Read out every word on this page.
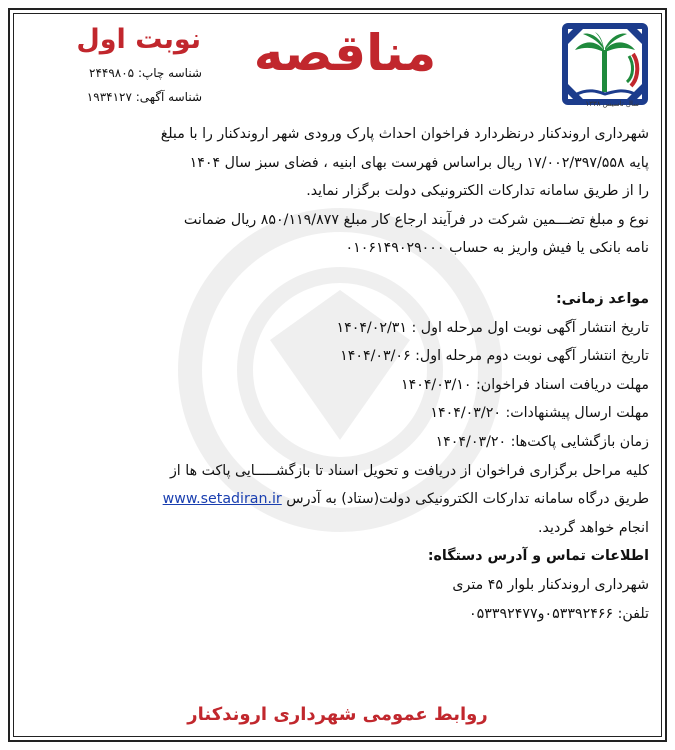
سال تاسیس ۱۳۳۸
مناقصه
نوبت اول
شناسه چاپ: ۲۴۴۹۸۰۵
شناسه آگهی: ۱۹۳۴۱۲۷

شهرداری اروندکنار درنظردارد فراخوان احداث پارک ورودی شهر اروندکنار را با مبلغ

پایه ۱۷/۰۰۲/۳۹۷/۵۵۸ ریال براساس فهرست بهای ابنیه ، فضای سبز سال ۱۴۰۴

را از طریق سامانه تدارکات الکترونیکی دولت برگزار نماید.

نوع و مبلغ تضـــمین شرکت در فرآیند ارجاع کار مبلغ ۸۵۰/۱۱۹/۸۷۷ ریال ضمانت

نامه بانکی یا فیش واریز به حساب ۰۱۰۶۱۴۹۰۲۹۰۰۰

مواعد زمانی:

تاریخ انتشار آگهی نوبت اول مرحله اول : ۱۴۰۴/۰۲/۳۱

تاریخ انتشار آگهی نوبت دوم مرحله اول: ۱۴۰۴/۰۳/۰۶

مهلت دریافت اسناد فراخوان: ۱۴۰۴/۰۳/۱۰

مهلت ارسال پیشنهادات: ۱۴۰۴/۰۳/۲۰

زمان بازگشایی پاکت‌ها: ۱۴۰۴/۰۳/۲۰

کلیه مراحل برگزاری فراخوان از دریافت و تحویل اسناد تا بازگشـــــایی پاکت ها از

طریق درگاه سامانه تدارکات الکترونیکی دولت(ستاد) به آدرس www.setadiran.ir

انجام خواهد گردید.

اطلاعات تماس و آدرس دستگاه:

شهرداری اروندکنار بلوار ۴۵ متری

تلفن: ۰۵۳۳۹۲۴۶۶و۰۵۳۳۹۲۴۷۷

روابط عمومی شهرداری اروندکنار
